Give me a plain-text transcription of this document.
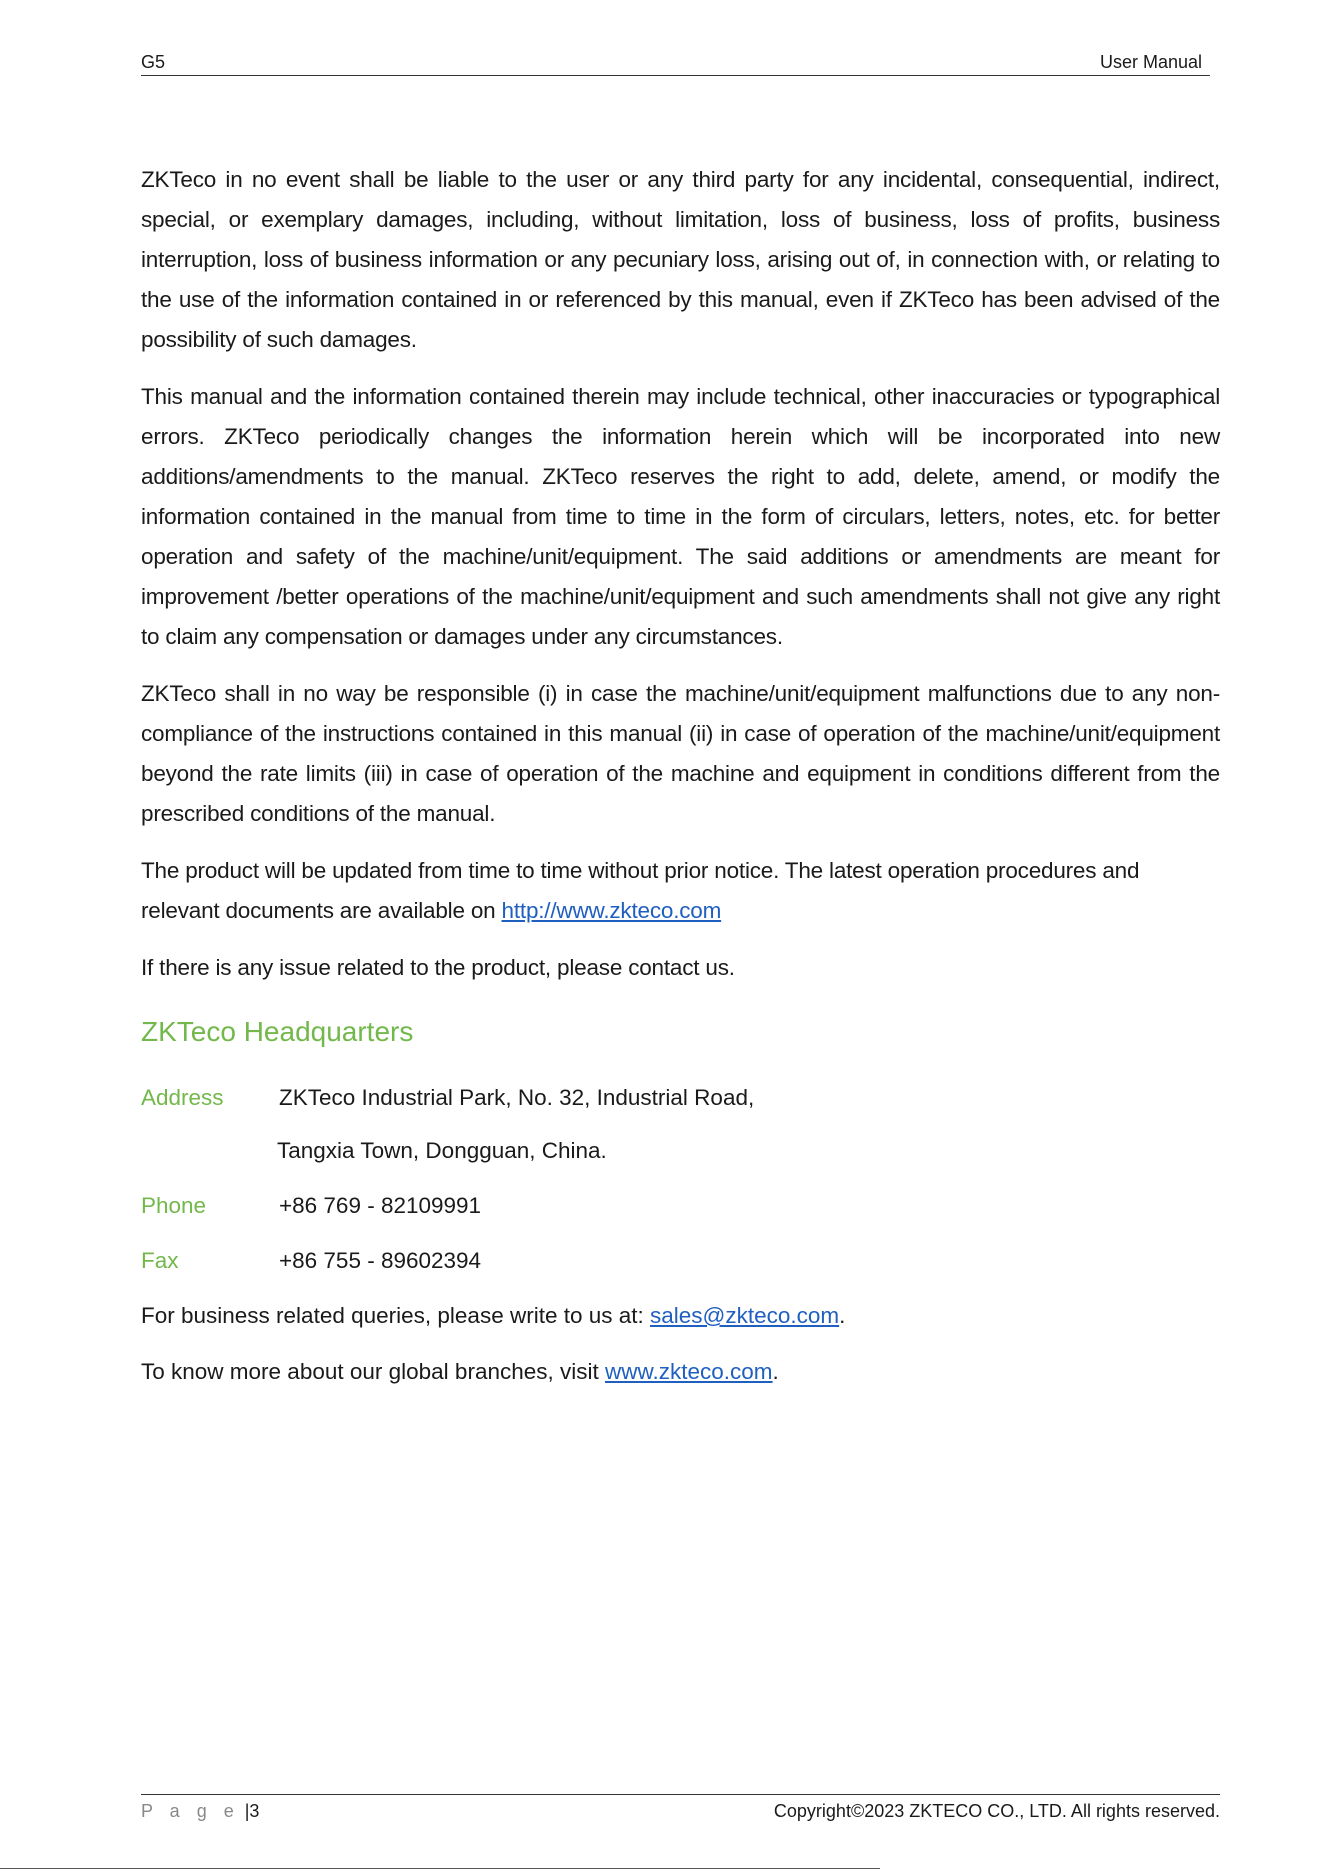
G5	User Manual

ZKTeco in no event shall be liable to the user or any third party for any incidental, consequential, indirect, special, or exemplary damages, including, without limitation, loss of business, loss of profits, business interruption, loss of business information or any pecuniary loss, arising out of, in connection with, or relating to the use of the information contained in or referenced by this manual, even if ZKTeco has been advised of the possibility of such damages.

This manual and the information contained therein may include technical, other inaccuracies or typographical errors. ZKTeco periodically changes the information herein which will be incorporated into new additions/amendments to the manual. ZKTeco reserves the right to add, delete, amend, or modify the information contained in the manual from time to time in the form of circulars, letters, notes, etc. for better operation and safety of the machine/unit/equipment. The said additions or amendments are meant for improvement /better operations of the machine/unit/equipment and such amendments shall not give any right to claim any compensation or damages under any circumstances.

ZKTeco shall in no way be responsible (i) in case the machine/unit/equipment malfunctions due to any non-compliance of the instructions contained in this manual (ii) in case of operation of the machine/unit/equipment beyond the rate limits (iii) in case of operation of the machine and equipment in conditions different from the prescribed conditions of the manual.

The product will be updated from time to time without prior notice. The latest operation procedures and relevant documents are available on http://www.zkteco.com

If there is any issue related to the product, please contact us.

ZKTeco Headquarters
Address	ZKTeco Industrial Park, No. 32, Industrial Road,
Tangxia Town, Dongguan, China.
Phone	+86 769 - 82109991
Fax	+86 755 - 89602394

For business related queries, please write to us at: sales@zkteco.com.

To know more about our global branches, visit www.zkteco.com.

P a g e |3	Copyright©2023 ZKTECO CO., LTD. All rights reserved.
